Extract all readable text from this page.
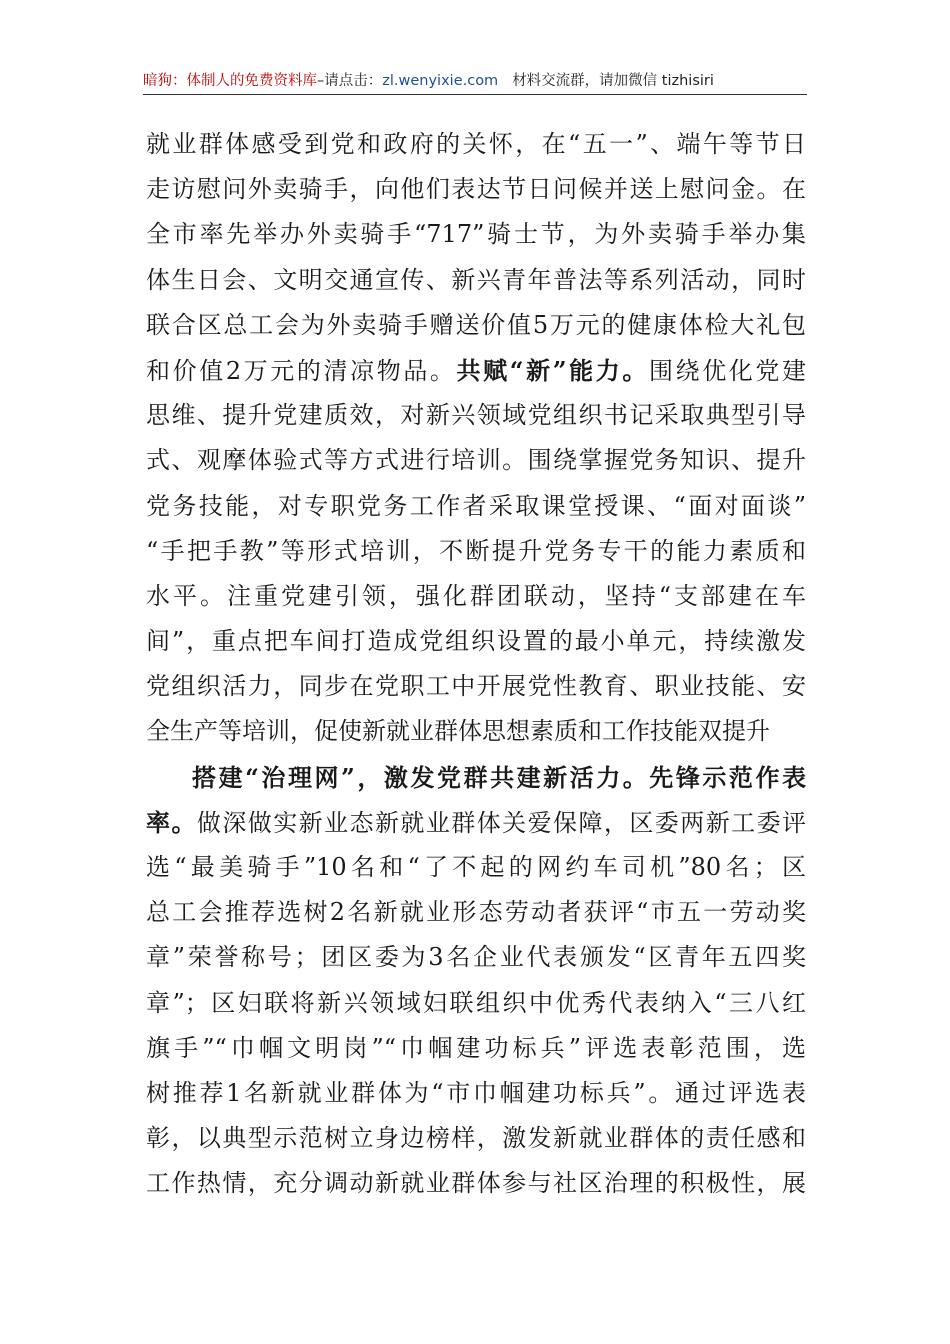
暗狗：体制人的免费资料库–请点击：zl.wenyixie.com 材料交流群，请加微信 tizhisiri
就业群体感受到党和政府的关怀，在“五一”、端午等节日
走访慰问外卖骑手，向他们表达节日问候并送上慰问金。在
全市率先举办外卖骑手“717”骑士节，为外卖骑手举办集
体生日会、文明交通宣传、新兴青年普法等系列活动，同时
联合区总工会为外卖骑手赠送价值5万元的健康体检大礼包
和价值2万元的清凉物品。共赋“新”能力。围绕优化党建
思维、提升党建质效，对新兴领域党组织书记采取典型引导
式、观摩体验式等方式进行培训。围绕掌握党务知识、提升
党务技能，对专职党务工作者采取课堂授课、“面对面谈”
“手把手教”等形式培训，不断提升党务专干的能力素质和
水平。注重党建引领，强化群团联动，坚持“支部建在车
间”，重点把车间打造成党组织设置的最小单元，持续激发
党组织活力，同步在党职工中开展党性教育、职业技能、安
全生产等培训，促使新就业群体思想素质和工作技能双提升
搭建“治理网”，激发党群共建新活力。先锋示范作表
率。做深做实新业态新就业群体关爱保障，区委两新工委评
选“最美骑手”10名和“了不起的网约车司机”80名；区
总工会推荐选树2名新就业形态劳动者获评“市五一劳动奖
章”荣誉称号；团区委为3名企业代表颁发“区青年五四奖
章”；区妇联将新兴领域妇联组织中优秀代表纳入“三八红
旗手”“巾帼文明岗”“巾帼建功标兵”评选表彰范围，选
树推荐1名新就业群体为“市巾帼建功标兵”。通过评选表
彰，以典型示范树立身边榜样，激发新就业群体的责任感和
工作热情，充分调动新就业群体参与社区治理的积极性，展
